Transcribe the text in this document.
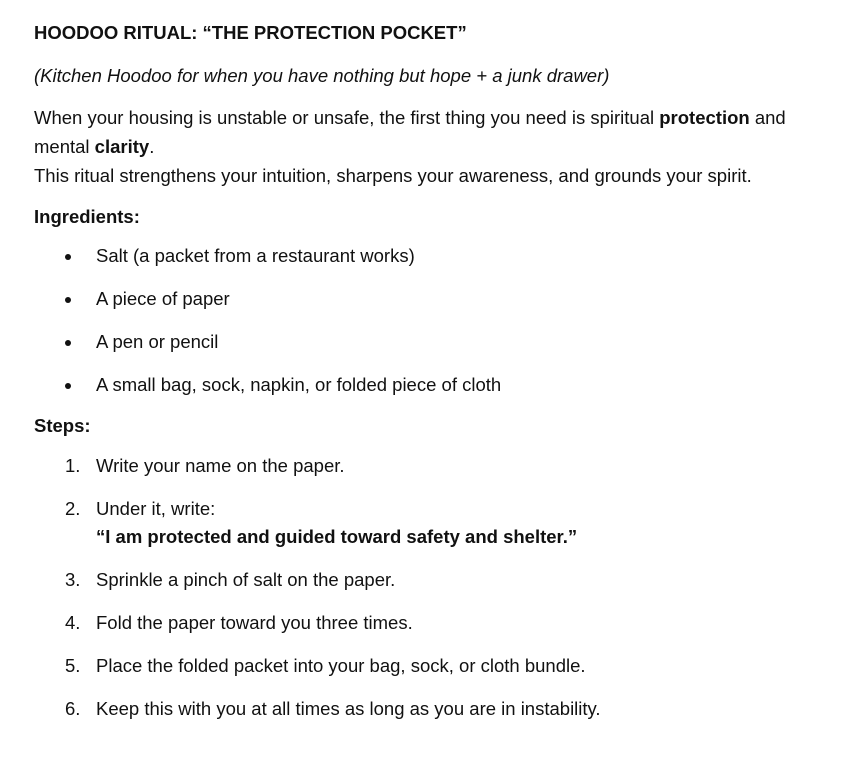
HOODOO RITUAL: “THE PROTECTION POCKET”
(Kitchen Hoodoo for when you have nothing but hope + a junk drawer)
When your housing is unstable or unsafe, the first thing you need is spiritual protection and mental clarity.
This ritual strengthens your intuition, sharpens your awareness, and grounds your spirit.
Ingredients:
Salt (a packet from a restaurant works)
A piece of paper
A pen or pencil
A small bag, sock, napkin, or folded piece of cloth
Steps:
1. Write your name on the paper.
2. Under it, write:
“I am protected and guided toward safety and shelter.”
3. Sprinkle a pinch of salt on the paper.
4. Fold the paper toward you three times.
5. Place the folded packet into your bag, sock, or cloth bundle.
6. Keep this with you at all times as long as you are in instability.
